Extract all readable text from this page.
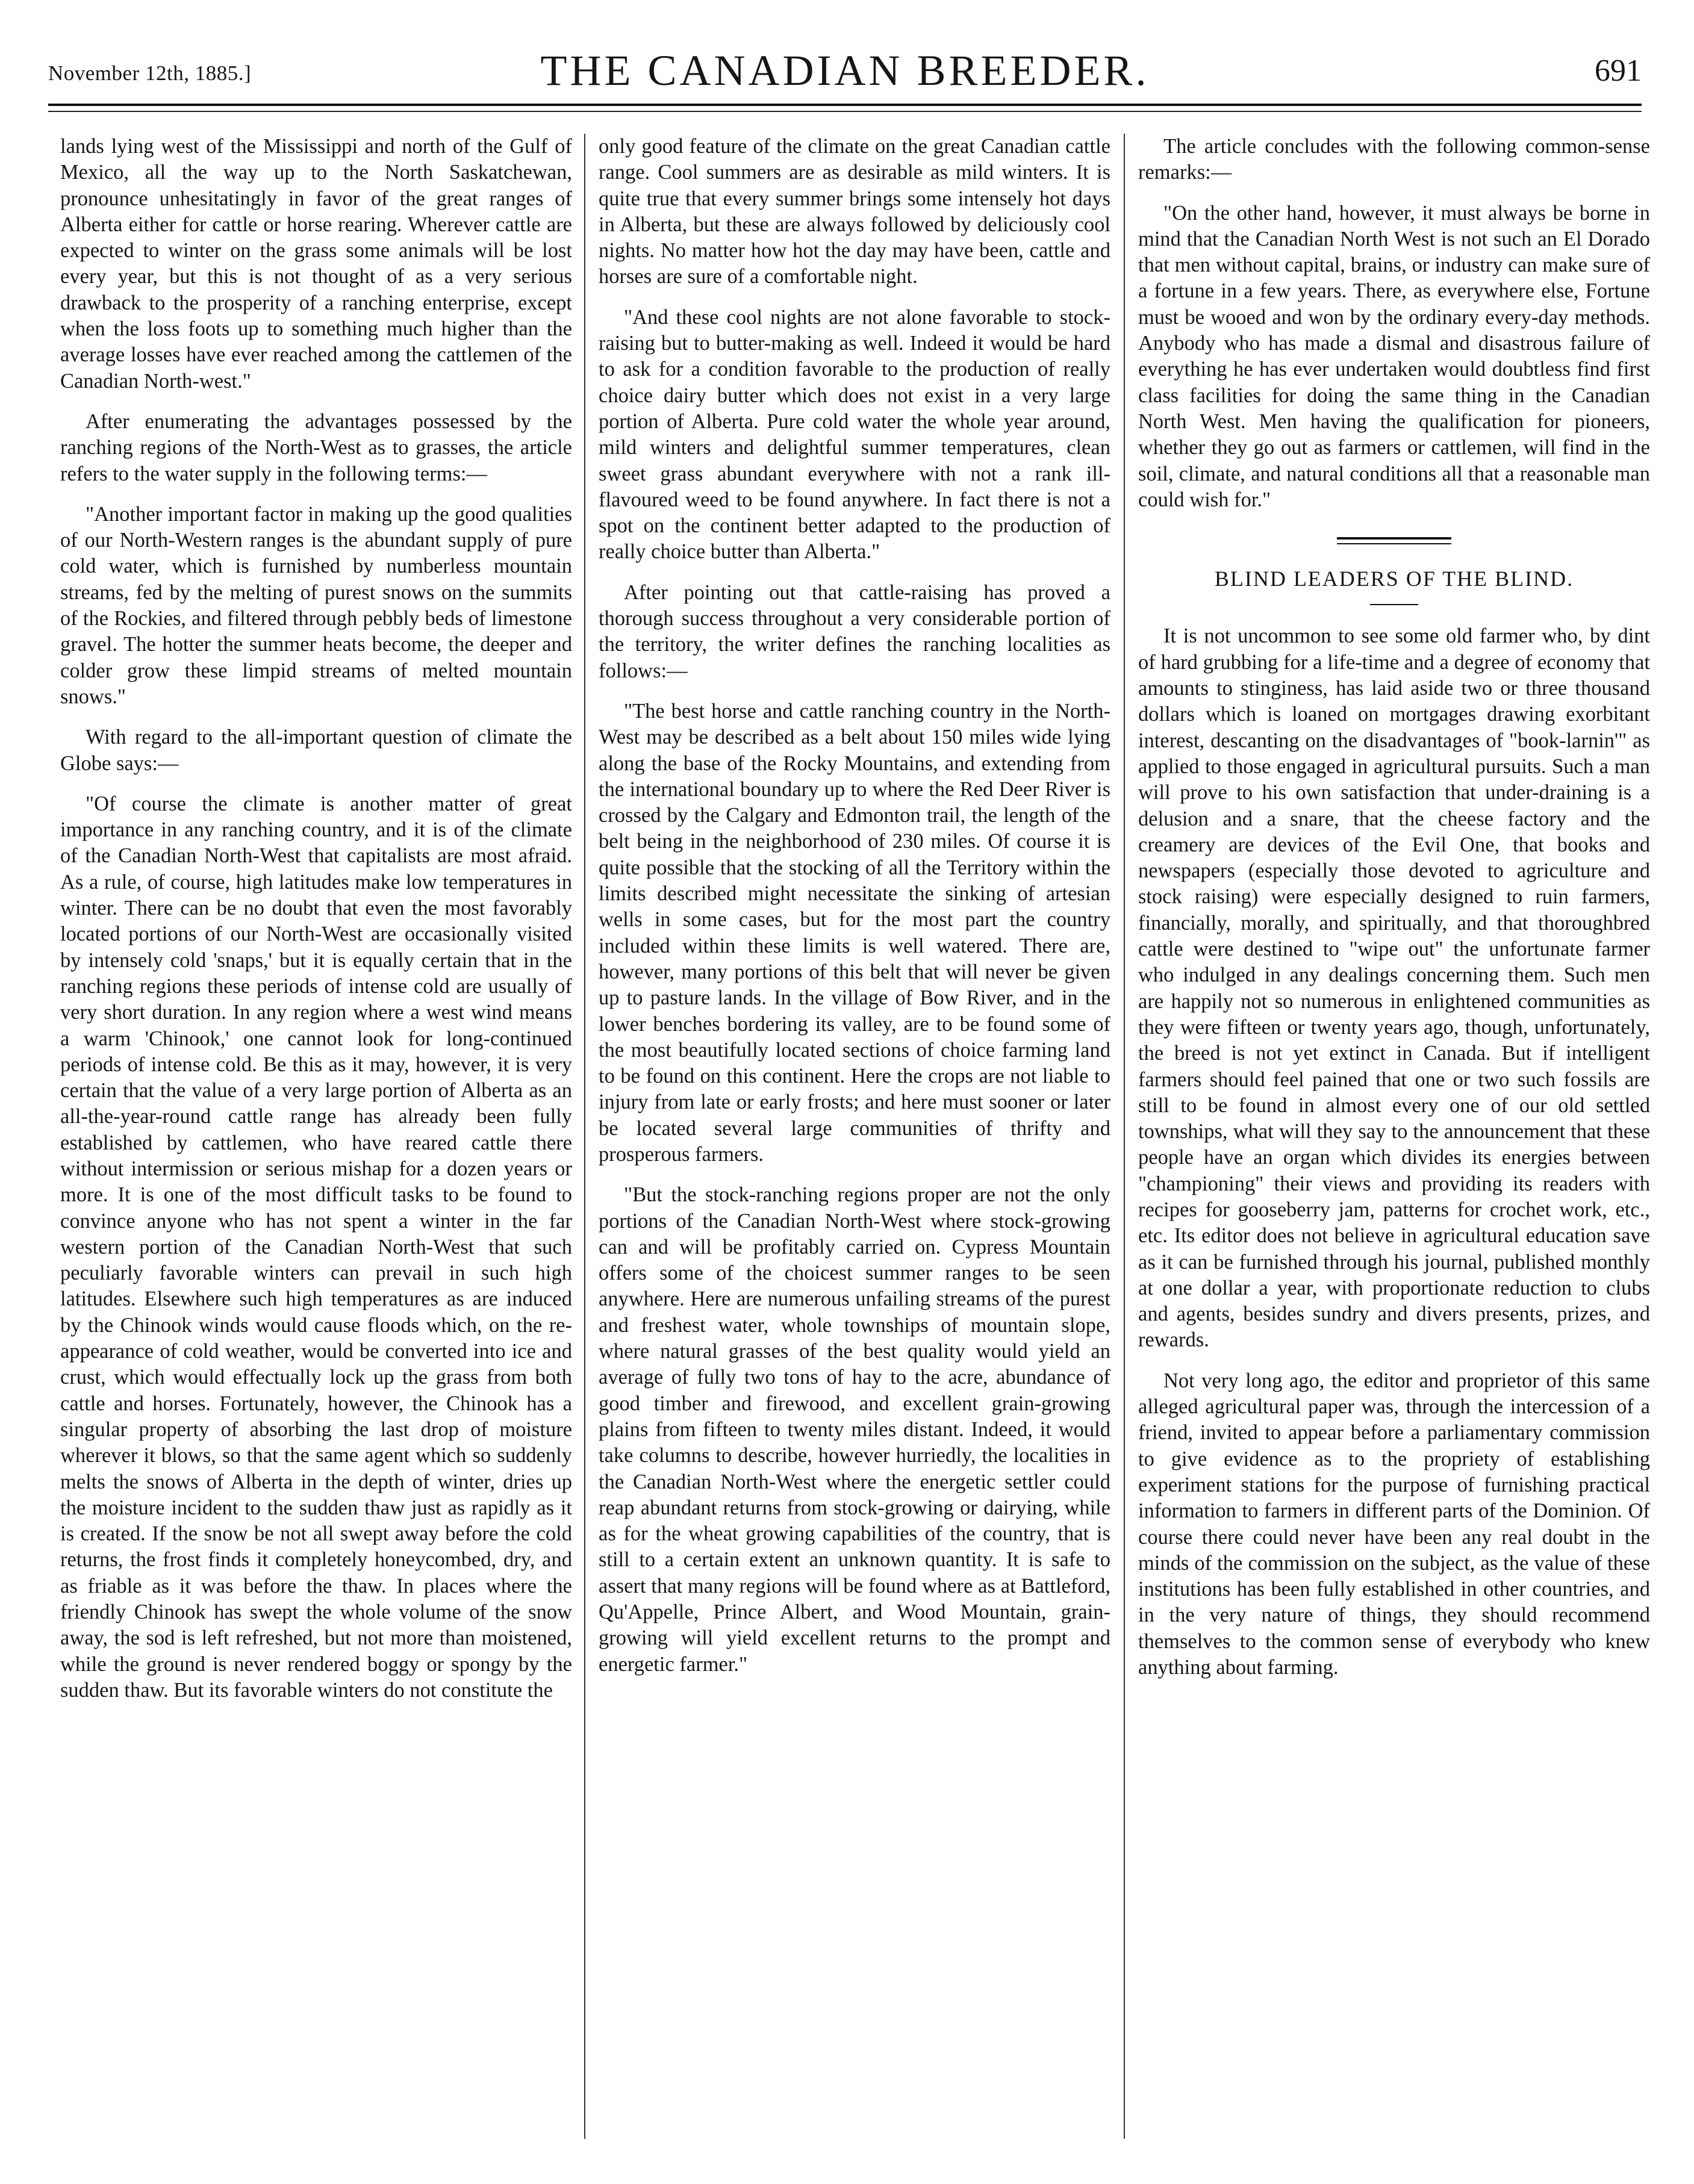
November 12th, 1885.]	THE CANADIAN BREEDER.	691

lands lying west of the Mississippi and north of the Gulf of Mexico, all the way up to the North Saskatchewan, pronounce unhesitatingly in favor of the great ranges of Alberta either for cattle or horse rearing. Wherever cattle are expected to winter on the grass some animals will be lost every year, but this is not thought of as a very serious drawback to the prosperity of a ranching enterprise, except when the loss foots up to something much higher than the average losses have ever reached among the cattlemen of the Canadian North-west."

After enumerating the advantages possessed by the ranching regions of the North-West as to grasses, the article refers to the water supply in the following terms:—

"Another important factor in making up the good qualities of our North-Western ranges is the abundant supply of pure cold water, which is furnished by numberless mountain streams, fed by the melting of purest snows on the summits of the Rockies, and filtered through pebbly beds of limestone gravel. The hotter the summer heats become, the deeper and colder grow these limpid streams of melted mountain snows."

With regard to the all-important question of climate the Globe says:—

"Of course the climate is another matter of great importance in any ranching country, and it is of the climate of the Canadian North-West that capitalists are most afraid. As a rule, of course, high latitudes make low temperatures in winter. There can be no doubt that even the most favorably located portions of our North-West are occasionally visited by intensely cold 'snaps,' but it is equally certain that in the ranching regions these periods of intense cold are usually of very short duration. In any region where a west wind means a warm 'Chinook,' one cannot look for long-continued periods of intense cold. Be this as it may, however, it is very certain that the value of a very large portion of Alberta as an all-the-year-round cattle range has already been fully established by cattlemen, who have reared cattle there without intermission or serious mishap for a dozen years or more. It is one of the most difficult tasks to be found to convince anyone who has not spent a winter in the far western portion of the Canadian North-West that such peculiarly favorable winters can prevail in such high latitudes. Elsewhere such high temperatures as are induced by the Chinook winds would cause floods which, on the re-appearance of cold weather, would be converted into ice and crust, which would effectually lock up the grass from both cattle and horses. Fortunately, however, the Chinook has a singular property of absorbing the last drop of moisture wherever it blows, so that the same agent which so suddenly melts the snows of Alberta in the depth of winter, dries up the moisture incident to the sudden thaw just as rapidly as it is created. If the snow be not all swept away before the cold returns, the frost finds it completely honeycombed, dry, and as friable as it was before the thaw. In places where the friendly Chinook has swept the whole volume of the snow away, the sod is left refreshed, but not more than moistened, while the ground is never rendered boggy or spongy by the sudden thaw. But its favorable winters do not constitute the

only good feature of the climate on the great Canadian cattle range. Cool summers are as desirable as mild winters. It is quite true that every summer brings some intensely hot days in Alberta, but these are always followed by deliciously cool nights. No matter how hot the day may have been, cattle and horses are sure of a comfortable night.

"And these cool nights are not alone favorable to stock-raising but to butter-making as well. Indeed it would be hard to ask for a condition favorable to the production of really choice dairy butter which does not exist in a very large portion of Alberta. Pure cold water the whole year around, mild winters and delightful summer temperatures, clean sweet grass abundant everywhere with not a rank ill-flavoured weed to be found anywhere. In fact there is not a spot on the continent better adapted to the production of really choice butter than Alberta."

After pointing out that cattle-raising has proved a thorough success throughout a very considerable portion of the territory, the writer defines the ranching localities as follows:—

"The best horse and cattle ranching country in the North-West may be described as a belt about 150 miles wide lying along the base of the Rocky Mountains, and extending from the international boundary up to where the Red Deer River is crossed by the Calgary and Edmonton trail, the length of the belt being in the neighborhood of 230 miles. Of course it is quite possible that the stocking of all the Territory within the limits described might necessitate the sinking of artesian wells in some cases, but for the most part the country included within these limits is well watered. There are, however, many portions of this belt that will never be given up to pasture lands. In the village of Bow River, and in the lower benches bordering its valley, are to be found some of the most beautifully located sections of choice farming land to be found on this continent. Here the crops are not liable to injury from late or early frosts; and here must sooner or later be located several large communities of thrifty and prosperous farmers.

"But the stock-ranching regions proper are not the only portions of the Canadian North-West where stock-growing can and will be profitably carried on. Cypress Mountain offers some of the choicest summer ranges to be seen anywhere. Here are numerous unfailing streams of the purest and freshest water, whole townships of mountain slope, where natural grasses of the best quality would yield an average of fully two tons of hay to the acre, abundance of good timber and firewood, and excellent grain-growing plains from fifteen to twenty miles distant. Indeed, it would take columns to describe, however hurriedly, the localities in the Canadian North-West where the energetic settler could reap abundant returns from stock-growing or dairying, while as for the wheat growing capabilities of the country, that is still to a certain extent an unknown quantity. It is safe to assert that many regions will be found where as at Battleford, Qu'Appelle, Prince Albert, and Wood Mountain, grain-growing will yield excellent returns to the prompt and energetic farmer."

The article concludes with the following common-sense remarks:—

"On the other hand, however, it must always be borne in mind that the Canadian North West is not such an El Dorado that men without capital, brains, or industry can make sure of a fortune in a few years. There, as everywhere else, Fortune must be wooed and won by the ordinary every-day methods. Anybody who has made a dismal and disastrous failure of everything he has ever undertaken would doubtless find first class facilities for doing the same thing in the Canadian North West. Men having the qualification for pioneers, whether they go out as farmers or cattlemen, will find in the soil, climate, and natural conditions all that a reasonable man could wish for."

BLIND LEADERS OF THE BLIND.

It is not uncommon to see some old farmer who, by dint of hard grubbing for a life-time and a degree of economy that amounts to stinginess, has laid aside two or three thousand dollars which is loaned on mortgages drawing exorbitant interest, descanting on the disadvantages of "book-larnin'" as applied to those engaged in agricultural pursuits. Such a man will prove to his own satisfaction that under-draining is a delusion and a snare, that the cheese factory and the creamery are devices of the Evil One, that books and newspapers (especially those devoted to agriculture and stock raising) were especially designed to ruin farmers, financially, morally, and spiritually, and that thoroughbred cattle were destined to "wipe out" the unfortunate farmer who indulged in any dealings concerning them. Such men are happily not so numerous in enlightened communities as they were fifteen or twenty years ago, though, unfortunately, the breed is not yet extinct in Canada. But if intelligent farmers should feel pained that one or two such fossils are still to be found in almost every one of our old settled townships, what will they say to the announcement that these people have an organ which divides its energies between "championing" their views and providing its readers with recipes for gooseberry jam, patterns for crochet work, etc., etc. Its editor does not believe in agricultural education save as it can be furnished through his journal, published monthly at one dollar a year, with proportionate reduction to clubs and agents, besides sundry and divers presents, prizes, and rewards.

Not very long ago, the editor and proprietor of this same alleged agricultural paper was, through the intercession of a friend, invited to appear before a parliamentary commission to give evidence as to the propriety of establishing experiment stations for the purpose of furnishing practical information to farmers in different parts of the Dominion. Of course there could never have been any real doubt in the minds of the commission on the subject, as the value of these institutions has been fully established in other countries, and in the very nature of things, they should recommend themselves to the common sense of everybody who knew anything about farming.
